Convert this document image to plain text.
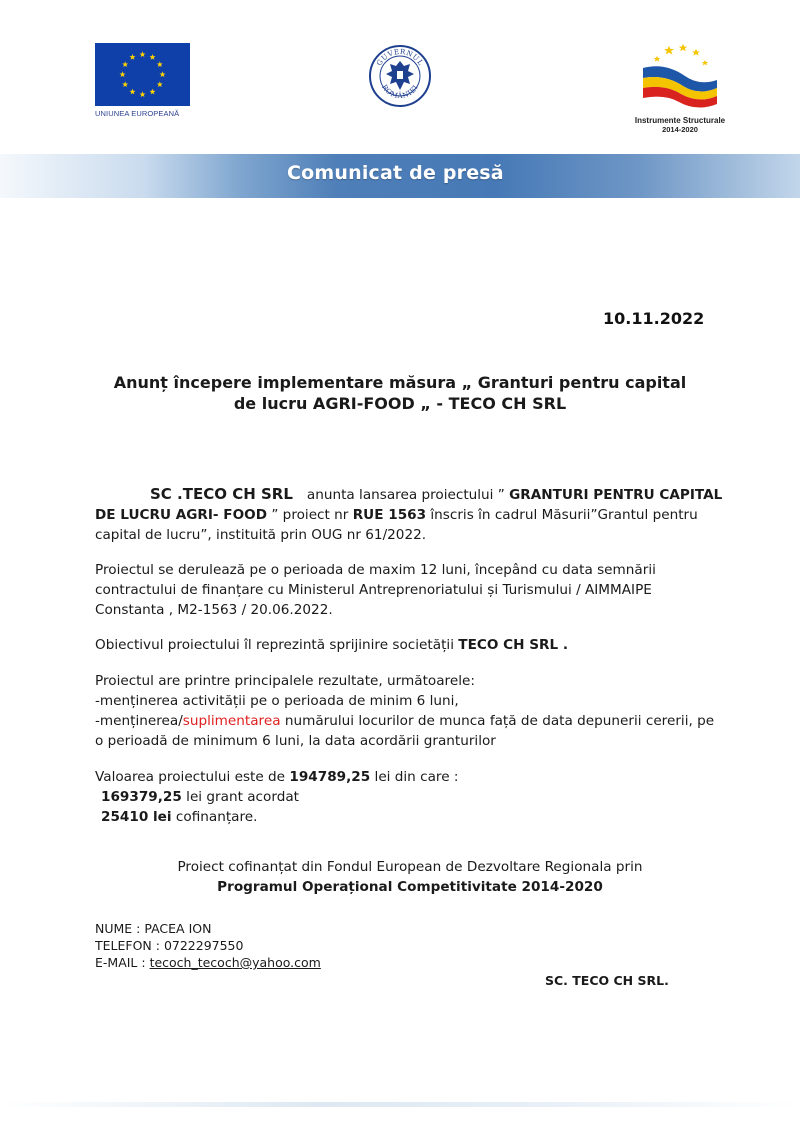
UNIUNEA EUROPEANĂ
GUVERNUL
ROMÂNIEI
Instrumente Structurale
2014-2020
Comunicat de presă
10.11.2022
Anunț începere implementare măsura „ Granturi pentru capital
de lucru AGRI-FOOD „ - TECO CH SRL
SC .TECO CH SRL anunta lansarea proiectului ” GRANTURI PENTRU CAPITAL DE LUCRU AGRI- FOOD ” proiect nr RUE 1563 înscris în cadrul Măsurii”Grantul pentru capital de lucru”, instituită prin OUG nr 61/2022.
Proiectul se derulează pe o perioada de maxim 12 luni, începând cu data semnării contractului de finanțare cu Ministerul Antreprenoriatului și Turismului / AIMMAIPE Constanta , M2-1563 / 20.06.2022.
Obiectivul proiectului îl reprezintă sprijinire societății TECO CH SRL .
Proiectul are printre principalele rezultate, următoarele:
-menținerea activității pe o perioada de minim 6 luni,
-menținerea/suplimentarea numărului locurilor de munca față de data depunerii cererii, pe o perioadă de minimum 6 luni, la data acordării granturilor
Valoarea proiectului este de 194789,25 lei din care :
169379,25 lei grant acordat
25410 lei cofinanțare.
Proiect cofinanțat din Fondul European de Dezvoltare Regionala prin
Programul Operațional Competitivitate 2014-2020
NUME : PACEA ION
TELEFON : 0722297550
E-MAIL : tecoch_tecoch@yahoo.com
SC. TECO CH SRL.
